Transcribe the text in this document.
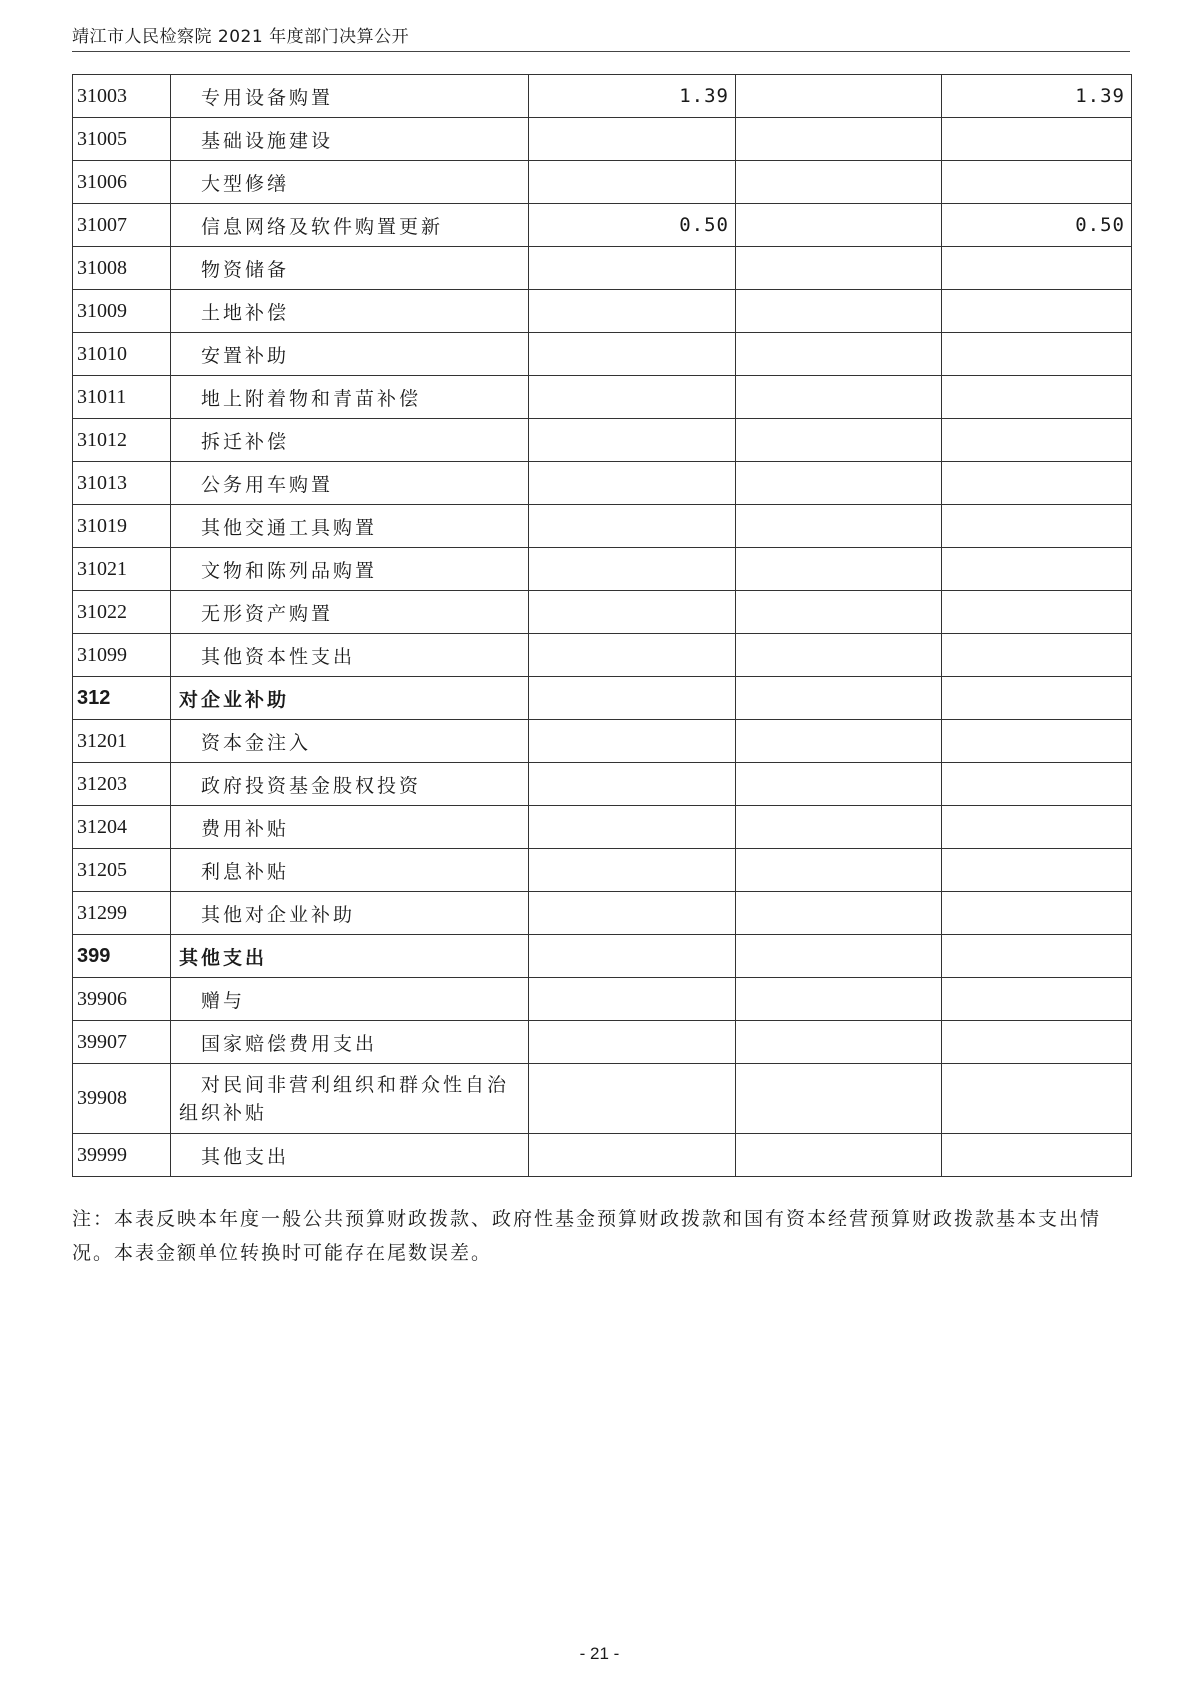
靖江市人民检察院 2021 年度部门决算公开
31003	专用设备购置	1.39		1.39
31005	基础设施建设			
31006	大型修缮			
31007	信息网络及软件购置更新	0.50		0.50
31008	物资储备			
31009	土地补偿			
31010	安置补助			
31011	地上附着物和青苗补偿			
31012	拆迁补偿			
31013	公务用车购置			
31019	其他交通工具购置			
31021	文物和陈列品购置			
31022	无形资产购置			
31099	其他资本性支出			
312	对企业补助			
31201	资本金注入			
31203	政府投资基金股权投资			
31204	费用补贴			
31205	利息补贴			
31299	其他对企业补助			
399	其他支出			
39906	赠与			
39907	国家赔偿费用支出			
39908	对民间非营利组织和群众性自治组织补贴			
39999	其他支出			
注：本表反映本年度一般公共预算财政拨款、政府性基金预算财政拨款和国有资本经营预算财政拨款基本支出情况。本表金额单位转换时可能存在尾数误差。
- 21 -
